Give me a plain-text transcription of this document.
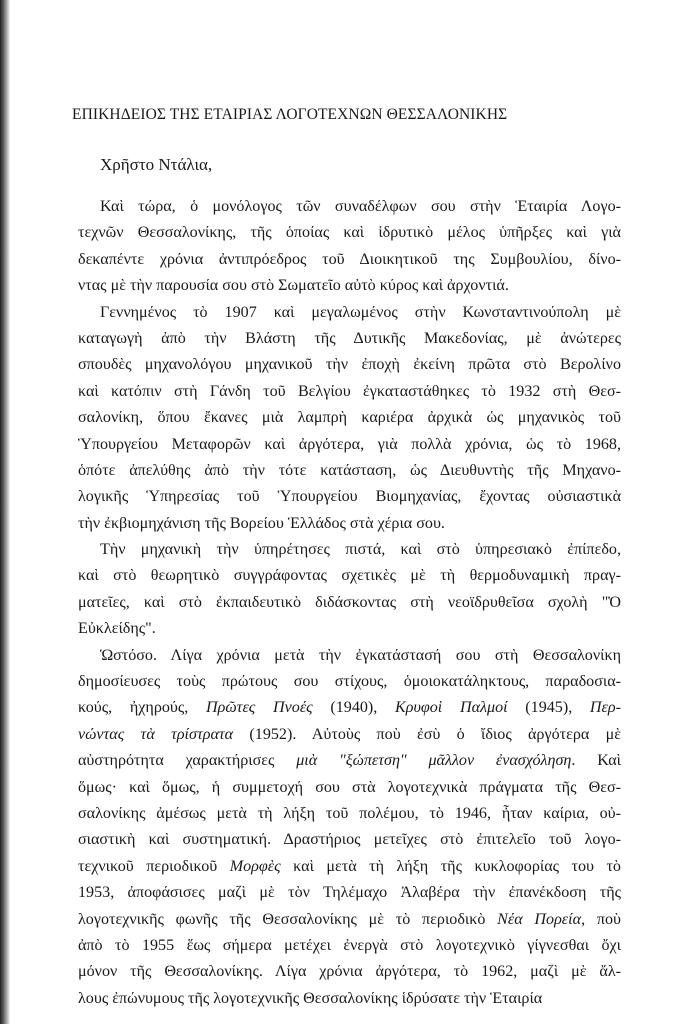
ΕΠΙΚΗΔΕΙΟΣ ΤΗΣ ΕΤΑΙΡΙΑΣ ΛΟΓΟΤΕΧΝΩΝ ΘΕΣΣΑΛΟΝΙΚΗΣ
Χρῆστο Ντάλια,
Καὶ τώρα, ὁ μονόλογος τῶν συναδέλφων σου στὴν Ἑταιρία Λογο-
τεχνῶν Θεσσαλονίκης, τῆς ὁποίας καὶ ἱδρυτικὸ μέλος ὑπῆρξες καὶ γιὰ
δεκαπέντε χρόνια ἀντιπρόεδρος τοῦ Διοικητικοῦ της Συμβουλίου, δίνο-
ντας μὲ τὴν παρουσία σου στὸ Σωματεῖο αὐτὸ κύρος καὶ ἀρχοντιά.
Γεννημένος τὸ 1907 καὶ μεγαλωμένος στὴν Κωνσταντινούπολη μὲ
καταγωγὴ ἀπὸ τὴν Βλάστη τῆς Δυτικῆς Μακεδονίας, μὲ ἀνώτερες
σπουδὲς μηχανολόγου μηχανικοῦ τὴν ἐποχὴ ἐκείνη πρῶτα στὸ Βερολίνο
καὶ κατόπιν στὴ Γάνδη τοῦ Βελγίου ἐγκαταστάθηκες τὸ 1932 στὴ Θεσ-
σαλονίκη, ὅπου ἔκανες μιὰ λαμπρὴ καριέρα ἀρχικὰ ὡς μηχανικὸς τοῦ
Ὑπουργείου Μεταφορῶν καὶ ἀργότερα, γιὰ πολλὰ χρόνια, ὡς τὸ 1968,
ὁπότε ἀπελύθης ἀπὸ τὴν τότε κατάσταση, ὡς Διευθυντὴς τῆς Μηχανο-
λογικῆς Ὑπηρεσίας τοῦ Ὑπουργείου Βιομηχανίας, ἔχοντας οὐσιαστικὰ
τὴν ἐκβιομηχάνιση τῆς Βορείου Ἑλλάδος στὰ χέρια σου.
Τὴν μηχανικὴ τὴν ὑπηρέτησες πιστά, καὶ στὸ ὑπηρεσιακὸ ἐπίπεδο,
καὶ στὸ θεωρητικὸ συγγράφοντας σχετικὲς μὲ τὴ θερμοδυναμικὴ πραγ-
ματεῖες, καὶ στὸ ἐκπαιδευτικὸ διδάσκοντας στὴ νεοϊδρυθεῖσα σχολὴ "Ὁ
Εὐκλείδης".
Ὡστόσο. Λίγα χρόνια μετὰ τὴν ἐγκατάστασή σου στὴ Θεσσαλονίκη
δημοσίευσες τοὺς πρώτους σου στίχους, ὁμοιοκατάληκτους, παραδοσια-
κούς, ἠχηρούς, Πρῶτες Πνοές (1940), Κρυφοὶ Παλμοί (1945), Περ-
νώντας τὰ τρίστρατα (1952). Αὐτοὺς ποὺ ἐσὺ ὁ ἴδιος ἀργότερα μὲ
αὐστηρότητα χαρακτήρισες μιὰ "ξώπετση" μᾶλλον ἐνασχόληση. Καὶ
ὅμως· καὶ ὅμως, ἡ συμμετοχή σου στὰ λογοτεχνικὰ πράγματα τῆς Θεσ-
σαλονίκης ἀμέσως μετὰ τὴ λήξη τοῦ πολέμου, τὸ 1946, ἦταν καίρια, οὐ-
σιαστικὴ καὶ συστηματική. Δραστήριος μετεῖχες στὸ ἐπιτελεῖο τοῦ λογο-
τεχνικοῦ περιοδικοῦ Μορφὲς καὶ μετὰ τὴ λήξη τῆς κυκλοφορίας του τὸ
1953, ἀποφάσισες μαζὶ μὲ τὸν Τηλέμαχο Ἀλαβέρα τὴν ἐπανέκδοση τῆς
λογοτεχνικῆς φωνῆς τῆς Θεσσαλονίκης μὲ τὸ περιοδικὸ Νέα Πορεία, ποὺ
ἀπὸ τὸ 1955 ἕως σήμερα μετέχει ἐνεργὰ στὸ λογοτεχνικὸ γίγνεσθαι ὄχι
μόνον τῆς Θεσσαλονίκης. Λίγα χρόνια ἀργότερα, τὸ 1962, μαζὶ μὲ ἄλ-
λους ἐπώνυμους τῆς λογοτεχνικῆς Θεσσαλονίκης ἱδρύσατε τὴν Ἑταιρία
